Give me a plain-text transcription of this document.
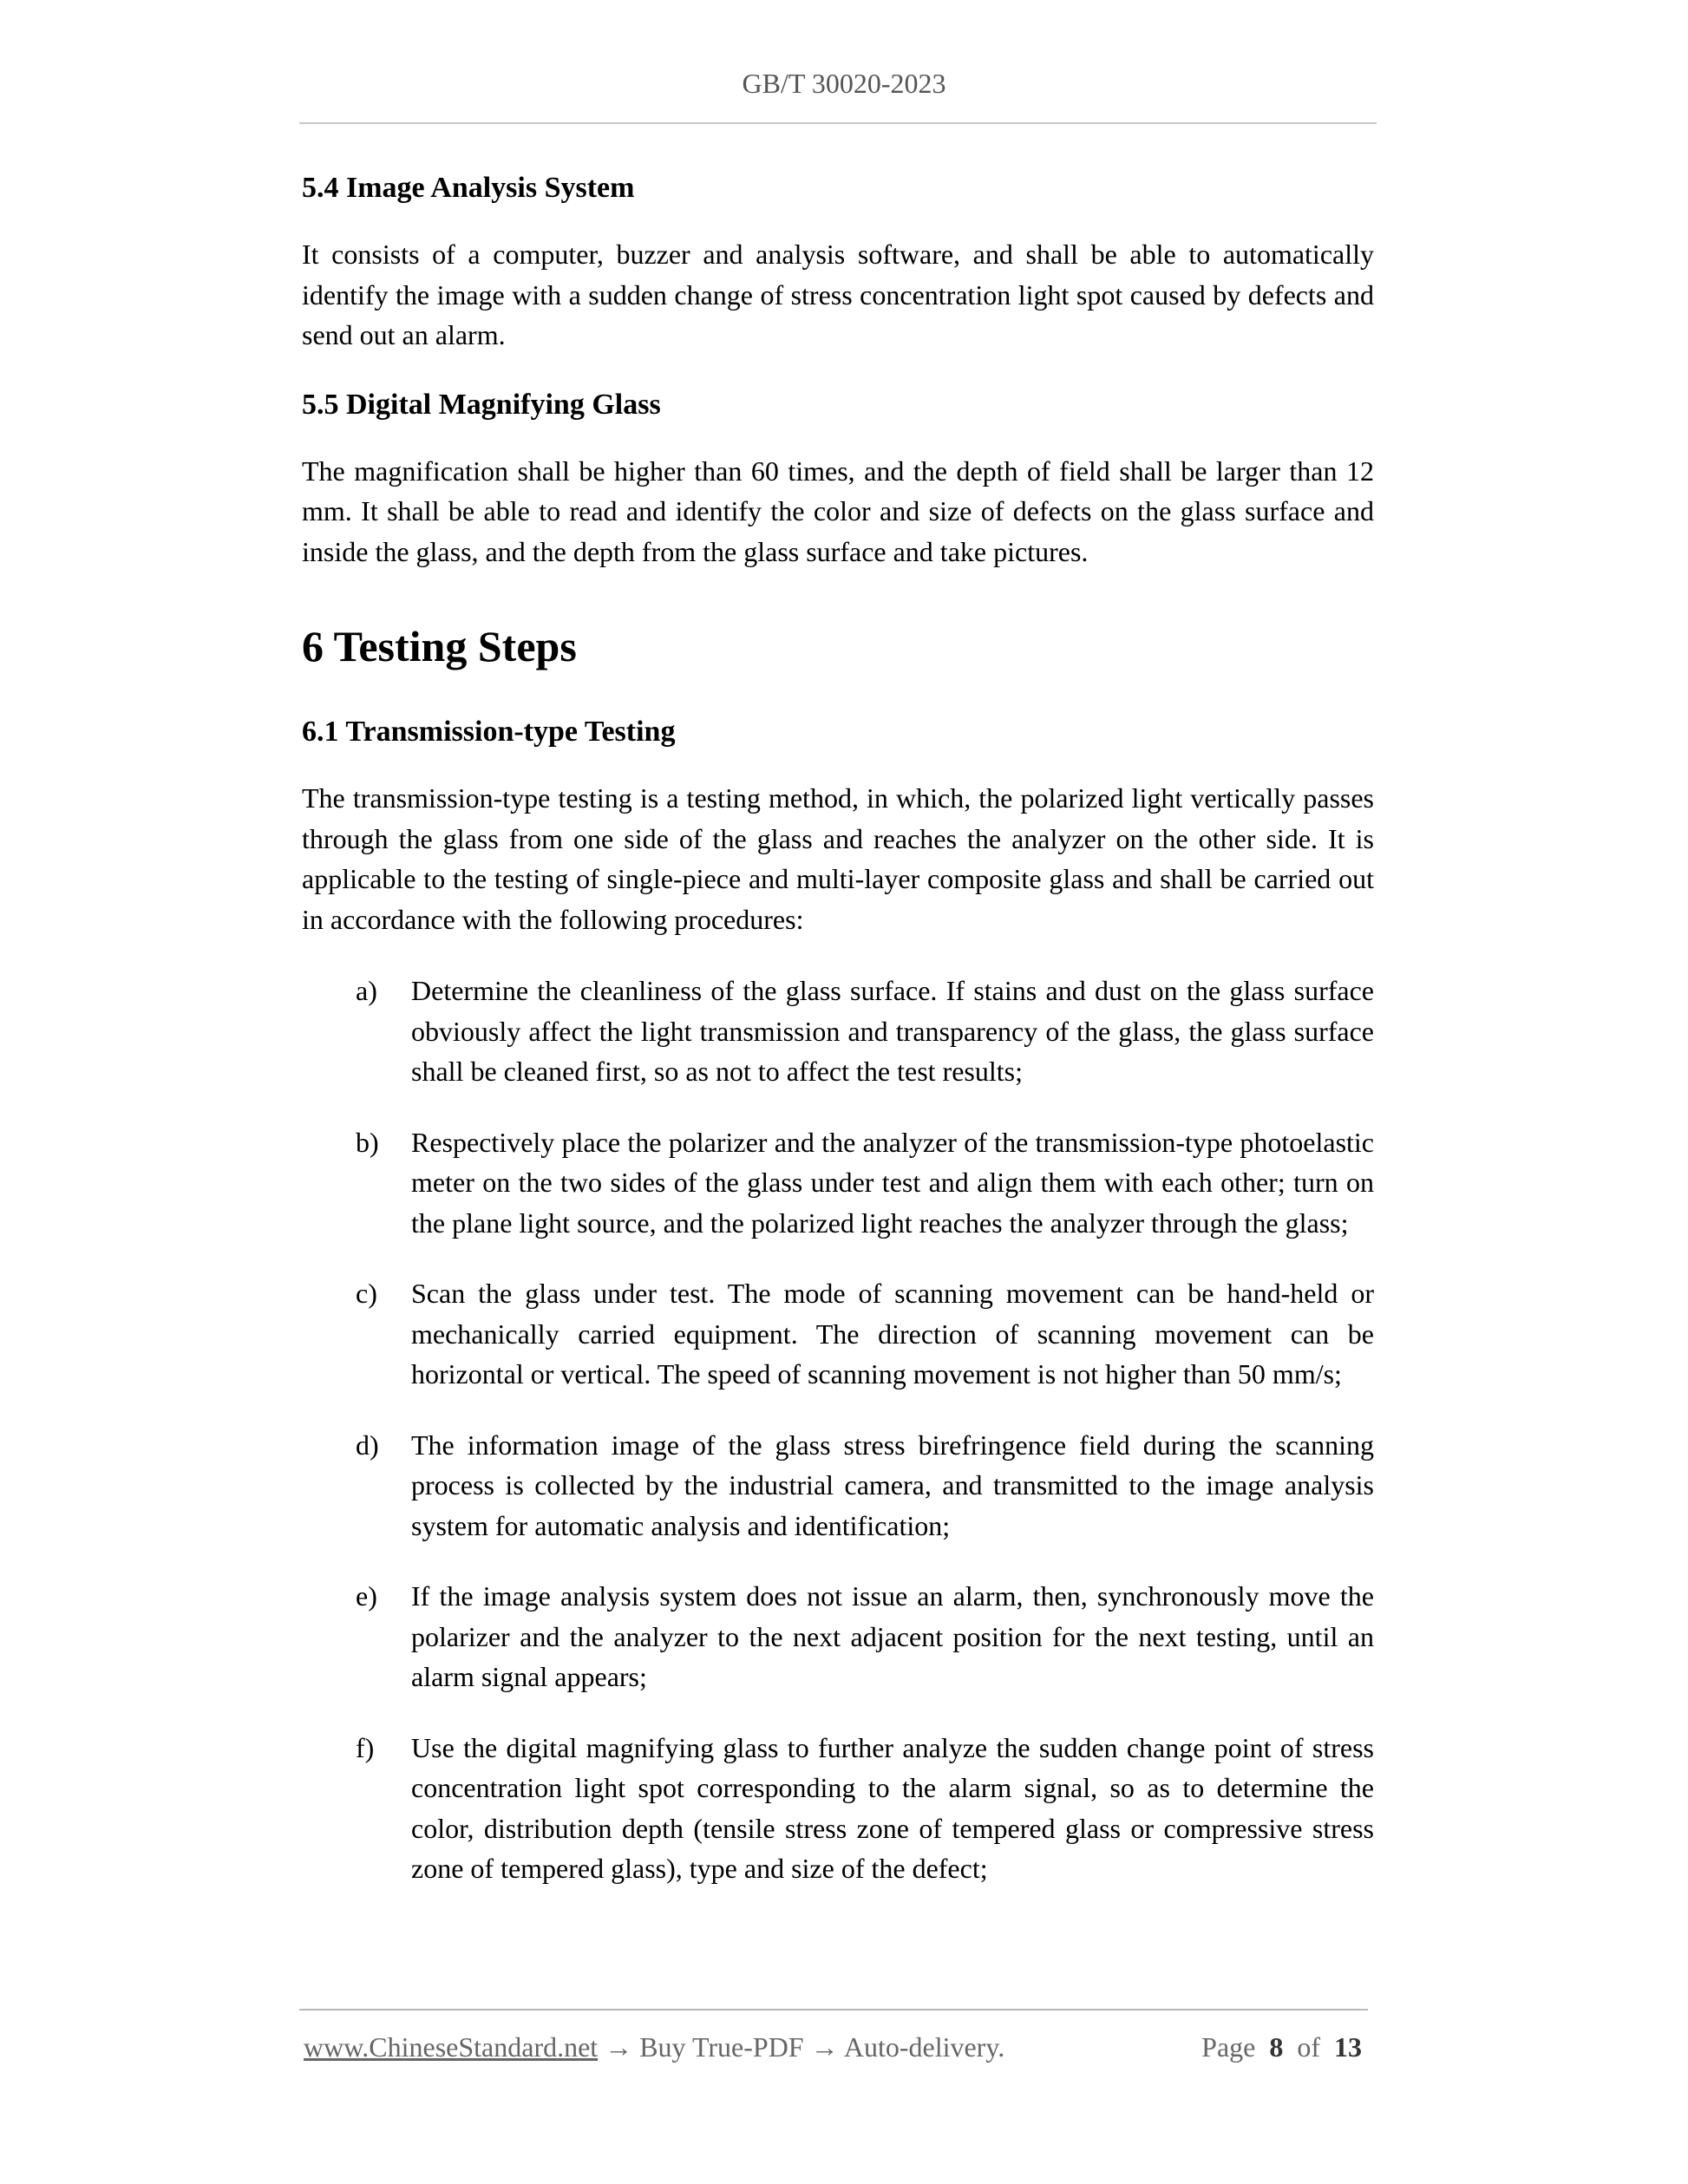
GB/T 30020-2023
5.4 Image Analysis System
It consists of a computer, buzzer and analysis software, and shall be able to automatically identify the image with a sudden change of stress concentration light spot caused by defects and send out an alarm.
5.5 Digital Magnifying Glass
The magnification shall be higher than 60 times, and the depth of field shall be larger than 12 mm. It shall be able to read and identify the color and size of defects on the glass surface and inside the glass, and the depth from the glass surface and take pictures.
6 Testing Steps
6.1 Transmission-type Testing
The transmission-type testing is a testing method, in which, the polarized light vertically passes through the glass from one side of the glass and reaches the analyzer on the other side. It is applicable to the testing of single-piece and multi-layer composite glass and shall be carried out in accordance with the following procedures:
a) Determine the cleanliness of the glass surface. If stains and dust on the glass surface obviously affect the light transmission and transparency of the glass, the glass surface shall be cleaned first, so as not to affect the test results;
b) Respectively place the polarizer and the analyzer of the transmission-type photoelastic meter on the two sides of the glass under test and align them with each other; turn on the plane light source, and the polarized light reaches the analyzer through the glass;
c) Scan the glass under test. The mode of scanning movement can be hand-held or mechanically carried equipment. The direction of scanning movement can be horizontal or vertical. The speed of scanning movement is not higher than 50 mm/s;
d) The information image of the glass stress birefringence field during the scanning process is collected by the industrial camera, and transmitted to the image analysis system for automatic analysis and identification;
e) If the image analysis system does not issue an alarm, then, synchronously move the polarizer and the analyzer to the next adjacent position for the next testing, until an alarm signal appears;
f) Use the digital magnifying glass to further analyze the sudden change point of stress concentration light spot corresponding to the alarm signal, so as to determine the color, distribution depth (tensile stress zone of tempered glass or compressive stress zone of tempered glass), type and size of the defect;
www.ChineseStandard.net → Buy True-PDF → Auto-delivery.	Page 8 of 13
